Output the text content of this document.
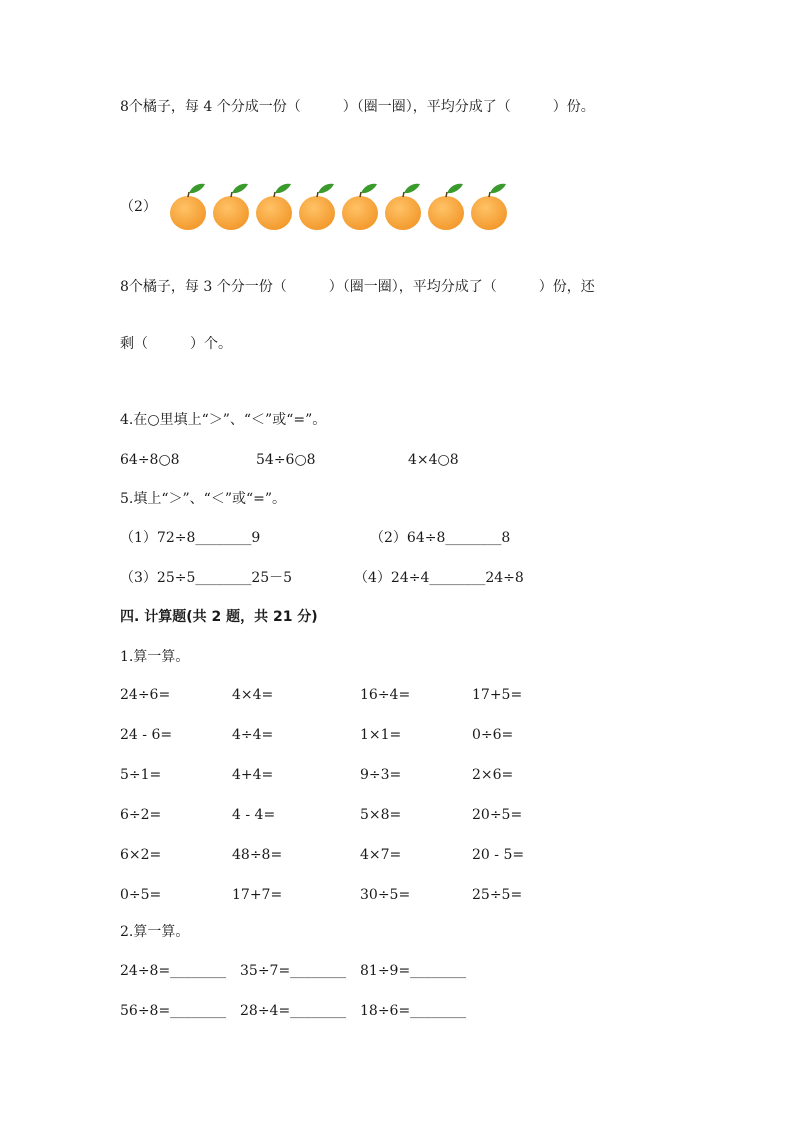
8个橘子，每 4 个分成一份（　　　）（圈一圈），平均分成了（　　　）份。
（2）
8个橘子，每 3 个分一份（　　　）（圈一圈），平均分成了（　　　）份，还
剩（　　　）个。
4.在○里填上“＞”、“＜”或“=”。
64÷8○8	54÷6○8	4×4○8
5.填上“＞”、“＜”或“=”。
（1）72÷8________9	（2）64÷8________8
（3）25÷5________25－5	（4）24÷4________24÷8
四. 计算题(共 2 题，共 21 分)
1.算一算。
24÷6=	4×4=	16÷4=	17+5=
24 - 6=	4÷4=	1×1=	0÷6=
5÷1=	4+4=	9÷3=	2×6=
6÷2=	4 - 4=	5×8=	20÷5=
6×2=	48÷8=	4×7=	20 - 5=
0÷5=	17+7=	30÷5=	25÷5=
2.算一算。
24÷8=________ 35÷7=________ 81÷9=________
56÷8=________ 28÷4=________ 18÷6=________
